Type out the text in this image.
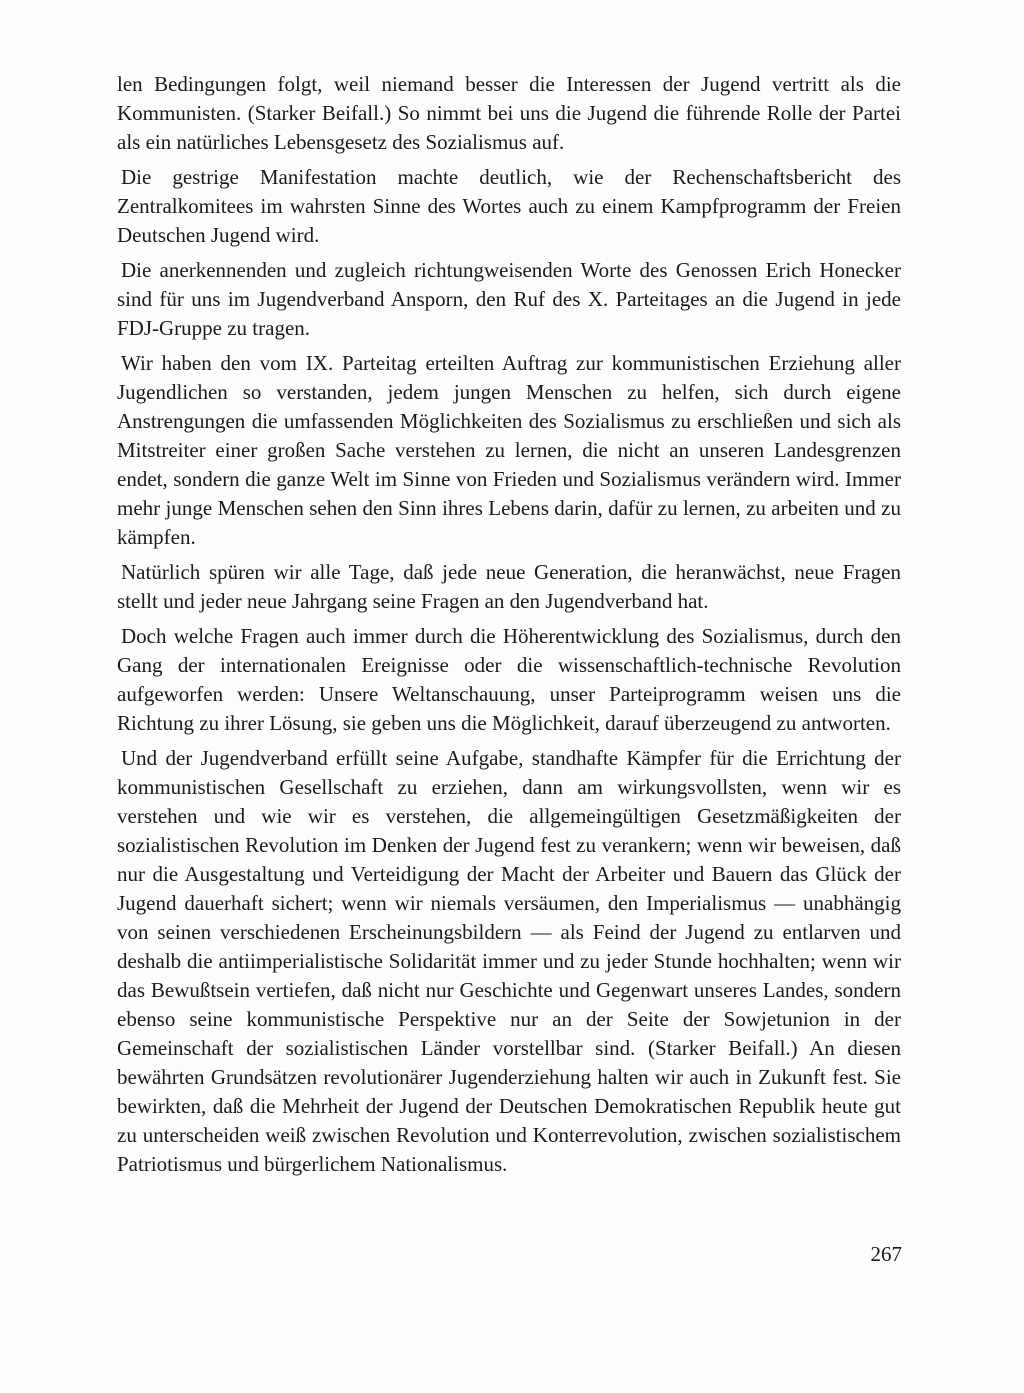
len Bedingungen folgt, weil niemand besser die Interessen der Jugend vertritt als die Kommunisten. (Starker Beifall.) So nimmt bei uns die Jugend die führende Rolle der Partei als ein natürliches Lebensgesetz des Sozialismus auf.

Die gestrige Manifestation machte deutlich, wie der Rechenschaftsbericht des Zentralkomitees im wahrsten Sinne des Wortes auch zu einem Kampfprogramm der Freien Deutschen Jugend wird.

Die anerkennenden und zugleich richtungweisenden Worte des Genossen Erich Honecker sind für uns im Jugendverband Ansporn, den Ruf des X. Parteitages an die Jugend in jede FDJ-Gruppe zu tragen.

Wir haben den vom IX. Parteitag erteilten Auftrag zur kommunistischen Erziehung aller Jugendlichen so verstanden, jedem jungen Menschen zu helfen, sich durch eigene Anstrengungen die umfassenden Möglichkeiten des Sozialismus zu erschließen und sich als Mitstreiter einer großen Sache verstehen zu lernen, die nicht an unseren Landesgrenzen endet, sondern die ganze Welt im Sinne von Frieden und Sozialismus verändern wird. Immer mehr junge Menschen sehen den Sinn ihres Lebens darin, dafür zu lernen, zu arbeiten und zu kämpfen.

Natürlich spüren wir alle Tage, daß jede neue Generation, die heranwächst, neue Fragen stellt und jeder neue Jahrgang seine Fragen an den Jugendverband hat.

Doch welche Fragen auch immer durch die Höherentwicklung des Sozialismus, durch den Gang der internationalen Ereignisse oder die wissenschaftlich-technische Revolution aufgeworfen werden: Unsere Weltanschauung, unser Parteiprogramm weisen uns die Richtung zu ihrer Lösung, sie geben uns die Möglichkeit, darauf überzeugend zu antworten.

Und der Jugendverband erfüllt seine Aufgabe, standhafte Kämpfer für die Errichtung der kommunistischen Gesellschaft zu erziehen, dann am wirkungsvollsten, wenn wir es verstehen und wie wir es verstehen, die allgemeingültigen Gesetzmäßigkeiten der sozialistischen Revolution im Denken der Jugend fest zu verankern; wenn wir beweisen, daß nur die Ausgestaltung und Verteidigung der Macht der Arbeiter und Bauern das Glück der Jugend dauerhaft sichert; wenn wir niemals versäumen, den Imperialismus — unabhängig von seinen verschiedenen Erscheinungsbildern — als Feind der Jugend zu entlarven und deshalb die antiimperialistische Solidarität immer und zu jeder Stunde hochhalten; wenn wir das Bewußtsein vertiefen, daß nicht nur Geschichte und Gegenwart unseres Landes, sondern ebenso seine kommunistische Perspektive nur an der Seite der Sowjetunion in der Gemeinschaft der sozialistischen Länder vorstellbar sind. (Starker Beifall.) An diesen bewährten Grundsätzen revolutionärer Jugenderziehung halten wir auch in Zukunft fest. Sie bewirkten, daß die Mehrheit der Jugend der Deutschen Demokratischen Republik heute gut zu unterscheiden weiß zwischen Revolution und Konterrevolution, zwischen sozialistischem Patriotismus und bürgerlichem Nationalismus.

267
